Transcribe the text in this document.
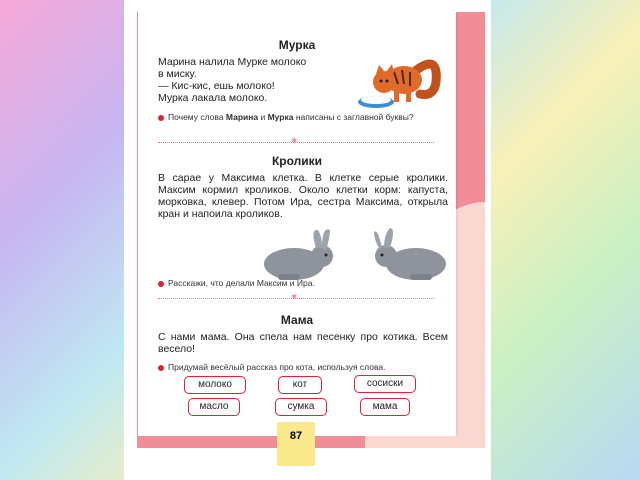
Мурка
Марина налила Мурке молоко
в миску.
— Кис-кис, ешь молоко!
Мурка лакала молоко.
Почему слова Марина и Мурка написаны с заглавной буквы?
✶
Кролики
В сарае у Максима клетка. В клетке серые кролики. Максим кормил кроликов. Около клетки корм: капуста, морковка, клевер. Потом Ира, сестра Максима, открыла кран и напоила кроликов.
Расскажи, что делали Максим и Ира.
✶
Мама
С нами мама. Она спела нам песенку про котика. Всем весело!
Придумай весёлый рассказ про кота, используя слова.
молоко	кот	сосиски
масло	сумка	мама
87
